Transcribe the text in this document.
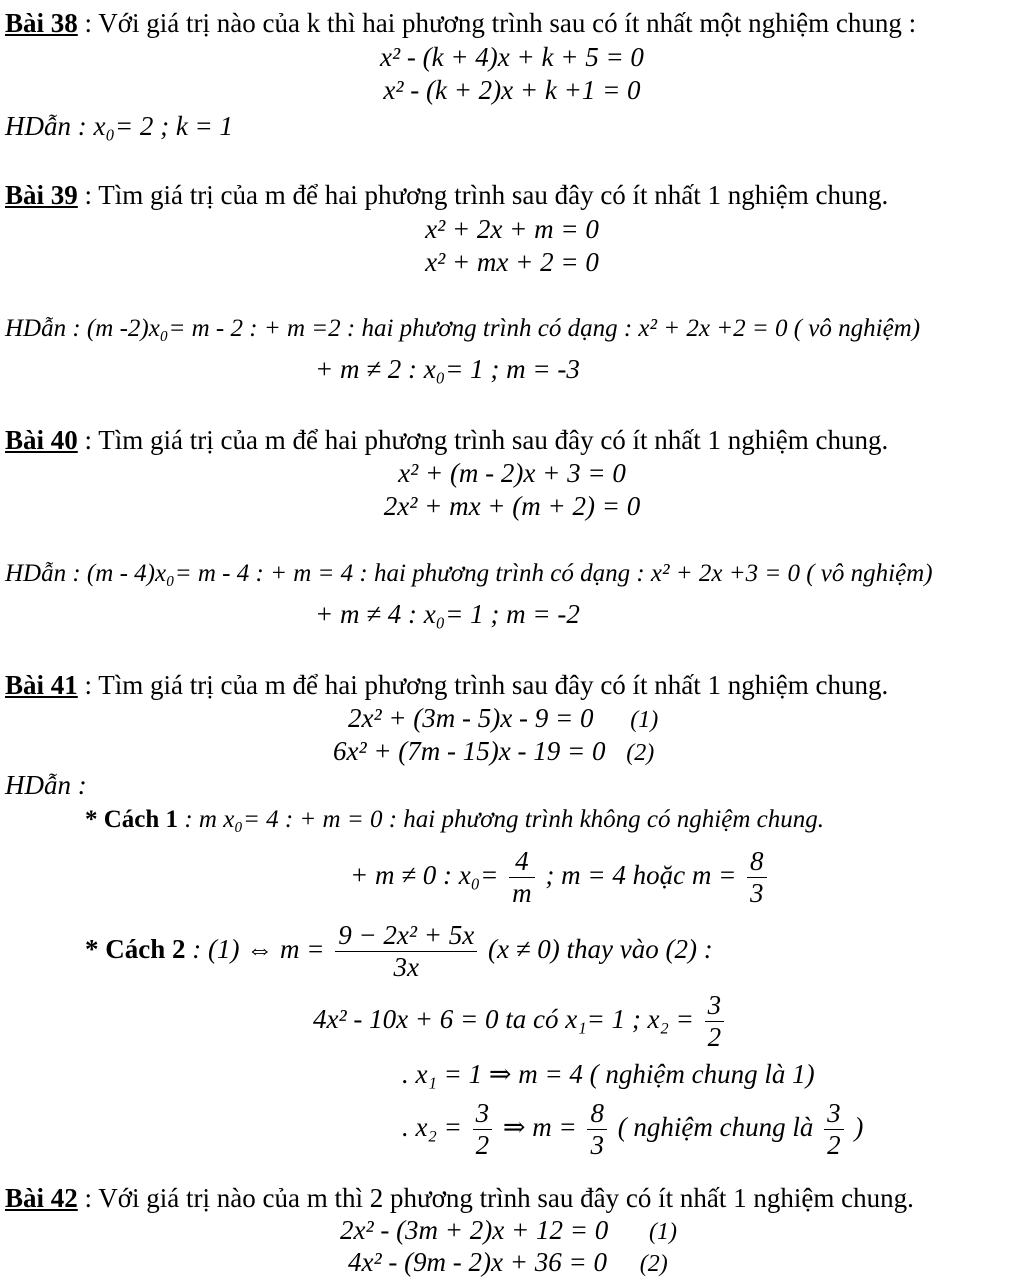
Bài 38 : Với giá trị nào của k thì hai phương trình sau có ít nhất một nghiệm chung :
x² - (k + 4)x + k + 5 = 0
x² - (k + 2)x + k +1 = 0
HDẫn : x₀= 2 ; k = 1
Bài 39 : Tìm giá trị của m để hai phương trình sau đây có ít nhất 1 nghiệm chung.
x² + 2x + m = 0
x² + mx + 2 = 0
HDẫn : (m -2)x₀= m - 2 : + m =2 : hai phương trình có dạng : x² + 2x +2 = 0 ( vô nghiệm)
+ m ≠ 2 : x₀= 1 ; m = -3
Bài 40 : Tìm giá trị của m để hai phương trình sau đây có ít nhất 1 nghiệm chung.
x² + (m - 2)x + 3 = 0
2x² + mx + (m + 2) = 0
HDẫn : (m - 4)x₀= m - 4 : + m = 4 : hai phương trình có dạng : x² + 2x +3 = 0 ( vô nghiệm)
+ m ≠ 4 : x₀= 1 ; m = -2
Bài 41 : Tìm giá trị của m để hai phương trình sau đây có ít nhất 1 nghiệm chung.
2x² + (3m - 5)x - 9 = 0 (1)
6x² + (7m - 15)x - 19 = 0 (2)
HDẫn :
* Cách 1 : m x₀= 4 : + m = 0 : hai phương trình không có nghiệm chung.
+ m ≠ 0 : $x_0= \frac{4}{m}$ ; m = 4 hoặc $m = \frac{8}{3}$
* Cách 2 : (1) ⇔ $m = \frac{\text{9 − 2x² + 5x}}{3x} (x \ne 0)$ thay vào (2) :
4x² - 10x + 6 = 0 ta có x₁= 1 ; $x_2 = \frac{3}{2}$
. x₁ = 1 ⇒ m = 4 ( nghiệm chung là 1)
. $x_2 = \frac{3}{2}$ ⇒ $m = \frac{8}{3}$ ( nghiệm chung là $\frac{3}{2}$ )
Bài 42 : Với giá trị nào của m thì 2 phương trình sau đây có ít nhất 1 nghiệm chung.
2x² - (3m + 2)x + 12 = 0 (1)
4x² - (9m - 2)x + 36 = 0 (2)
